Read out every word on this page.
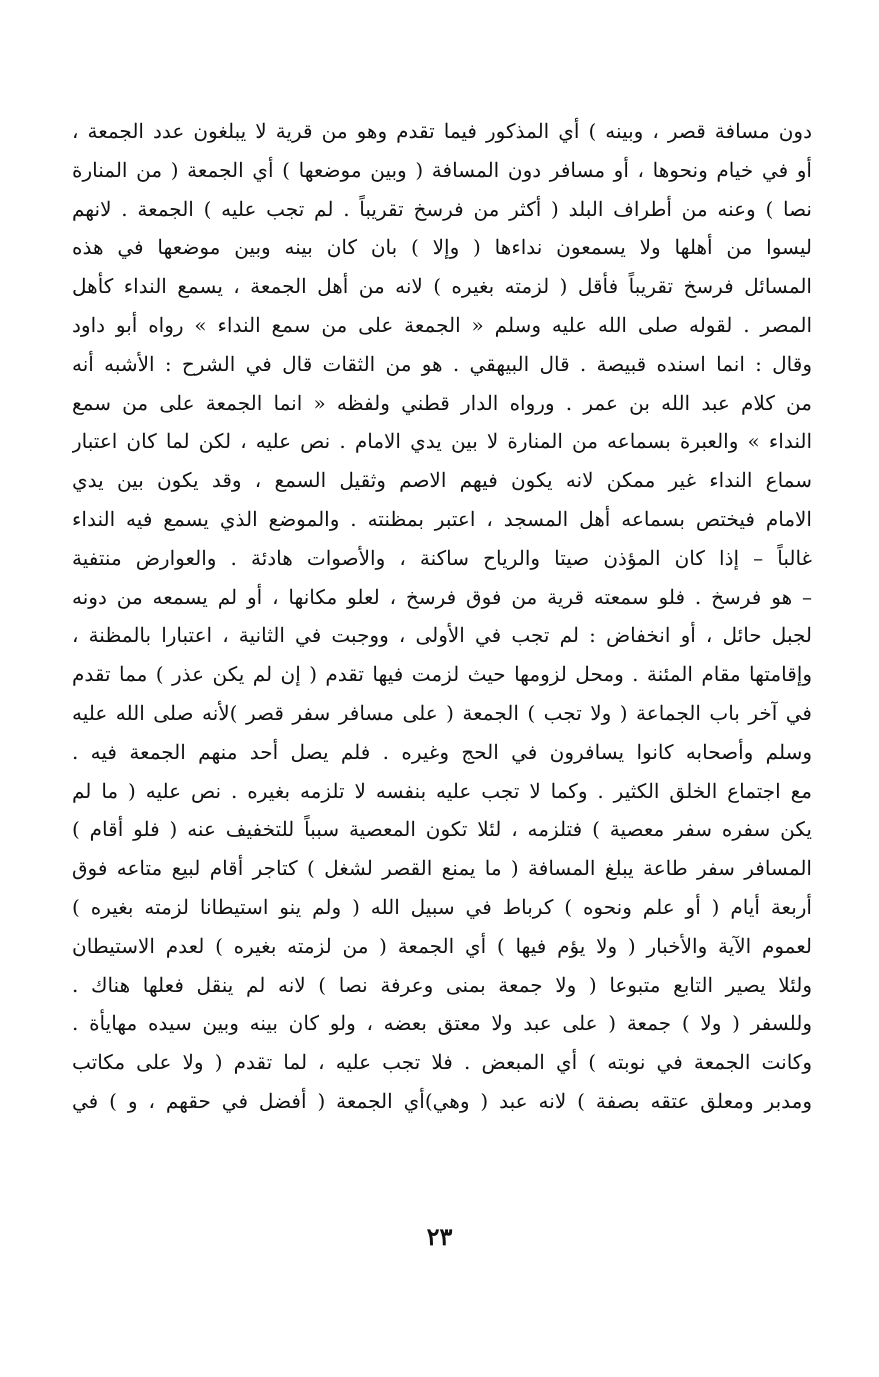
دون مسافة قصر ، وبينه ) أي المذكور فيما تقدم وهو من قرية لا يبلغون عدد الجمعة ،
أو في خيام ونحوها ، أو مسافر دون المسافة ( وبين موضعها ) أي الجمعة ( من المنارة
نصا ) وعنه من أطراف البلد ( أكثر من فرسخ تقريباً . لم تجب عليه ) الجمعة . لانهم
ليسوا من أهلها ولا يسمعون نداءها ( وإلا ) بان كان بينه وبين موضعها في هذه
المسائل فرسخ تقريباً فأقل ( لزمته بغيره ) لانه من أهل الجمعة ، يسمع النداء كأهل
المصر . لقوله صلى الله عليه وسلم « الجمعة على من سمع النداء » رواه أبو داود
وقال : انما اسنده قبيصة . قال البيهقي . هو من الثقات قال في الشرح : الأشبه أنه
من كلام عبد الله بن عمر . ورواه الدار قطني ولفظه « انما الجمعة على من سمع
النداء » والعبرة بسماعه من المنارة لا بين يدي الامام . نص عليه ، لكن لما كان اعتبار
سماع النداء غير ممكن لانه يكون فيهم الاصم وثقيل السمع ، وقد يكون بين يدي
الامام فيختص بسماعه أهل المسجد ، اعتبر بمظنته . والموضع الذي يسمع فيه النداء
غالباً – إذا كان المؤذن صيتا والرياح ساكنة ، والأصوات هادئة . والعوارض منتفية
– هو فرسخ . فلو سمعته قرية من فوق فرسخ ، لعلو مكانها ، أو لم يسمعه من دونه
لجبل حائل ، أو انخفاض : لم تجب في الأولى ، ووجبت في الثانية ، اعتبارا بالمظنة ،
وإقامتها مقام المئنة . ومحل لزومها حيث لزمت فيها تقدم ( إن لم يكن عذر ) مما تقدم
في آخر باب الجماعة ( ولا تجب ) الجمعة ( على مسافر سفر قصر )لأنه صلى الله عليه
وسلم وأصحابه كانوا يسافرون في الحج وغيره . فلم يصل أحد منهم الجمعة فيه .
مع اجتماع الخلق الكثير . وكما لا تجب عليه بنفسه لا تلزمه بغيره . نص عليه ( ما لم
يكن سفره سفر معصية ) فتلزمه ، لئلا تكون المعصية سبباً للتخفيف عنه ( فلو أقام )
المسافر سفر طاعة يبلغ المسافة ( ما يمنع القصر لشغل ) كتاجر أقام لبيع متاعه فوق
أربعة أيام ( أو علم ونحوه ) كرباط في سبيل الله ( ولم ينو استيطانا لزمته بغيره )
لعموم الآية والأخبار ( ولا يؤم فيها ) أي الجمعة ( من لزمته بغيره ) لعدم الاستيطان
ولئلا يصير التابع متبوعا ( ولا جمعة بمنى وعرفة نصا ) لانه لم ينقل فعلها هناك .
وللسفر ( ولا ) جمعة ( على عبد ولا معتق بعضه ، ولو كان بينه وبين سيده مهايأة .
وكانت الجمعة في نوبته ) أي المبعض . فلا تجب عليه ، لما تقدم ( ولا على مكاتب
ومدبر ومعلق عتقه بصفة ) لانه عبد ( وهي)أي الجمعة ( أفضل في حقهم ، و ) في
٢٣
